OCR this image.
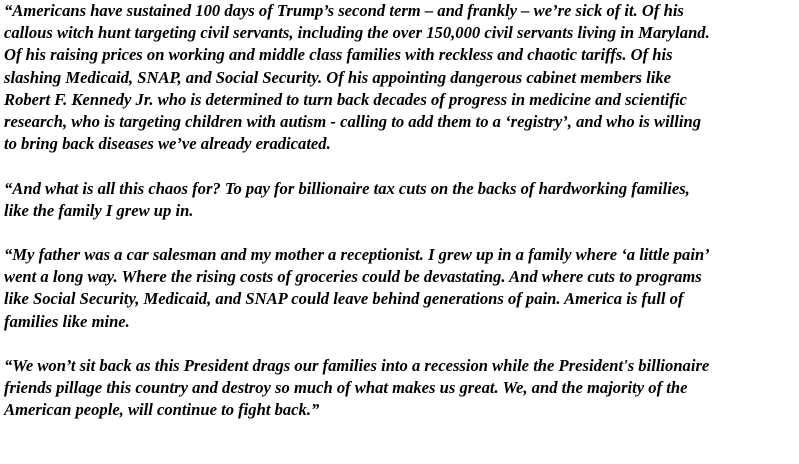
“Americans have sustained 100 days of Trump’s second term – and frankly – we’re sick of it. Of his
callous witch hunt targeting civil servants, including the over 150,000 civil servants living in Maryland.
Of his raising prices on working and middle class families with reckless and chaotic tariffs. Of his
slashing Medicaid, SNAP, and Social Security. Of his appointing dangerous cabinet members like
Robert F. Kennedy Jr. who is determined to turn back decades of progress in medicine and scientific
research, who is targeting children with autism - calling to add them to a ‘registry’, and who is willing
to bring back diseases we’ve already eradicated.

“And what is all this chaos for? To pay for billionaire tax cuts on the backs of hardworking families,
like the family I grew up in.

“My father was a car salesman and my mother a receptionist. I grew up in a family where ‘a little pain’
went a long way. Where the rising costs of groceries could be devastating. And where cuts to programs
like Social Security, Medicaid, and SNAP could leave behind generations of pain. America is full of
families like mine.

“We won’t sit back as this President drags our families into a recession while the President's billionaire
friends pillage this country and destroy so much of what makes us great. We, and the majority of the
American people, will continue to fight back.”
